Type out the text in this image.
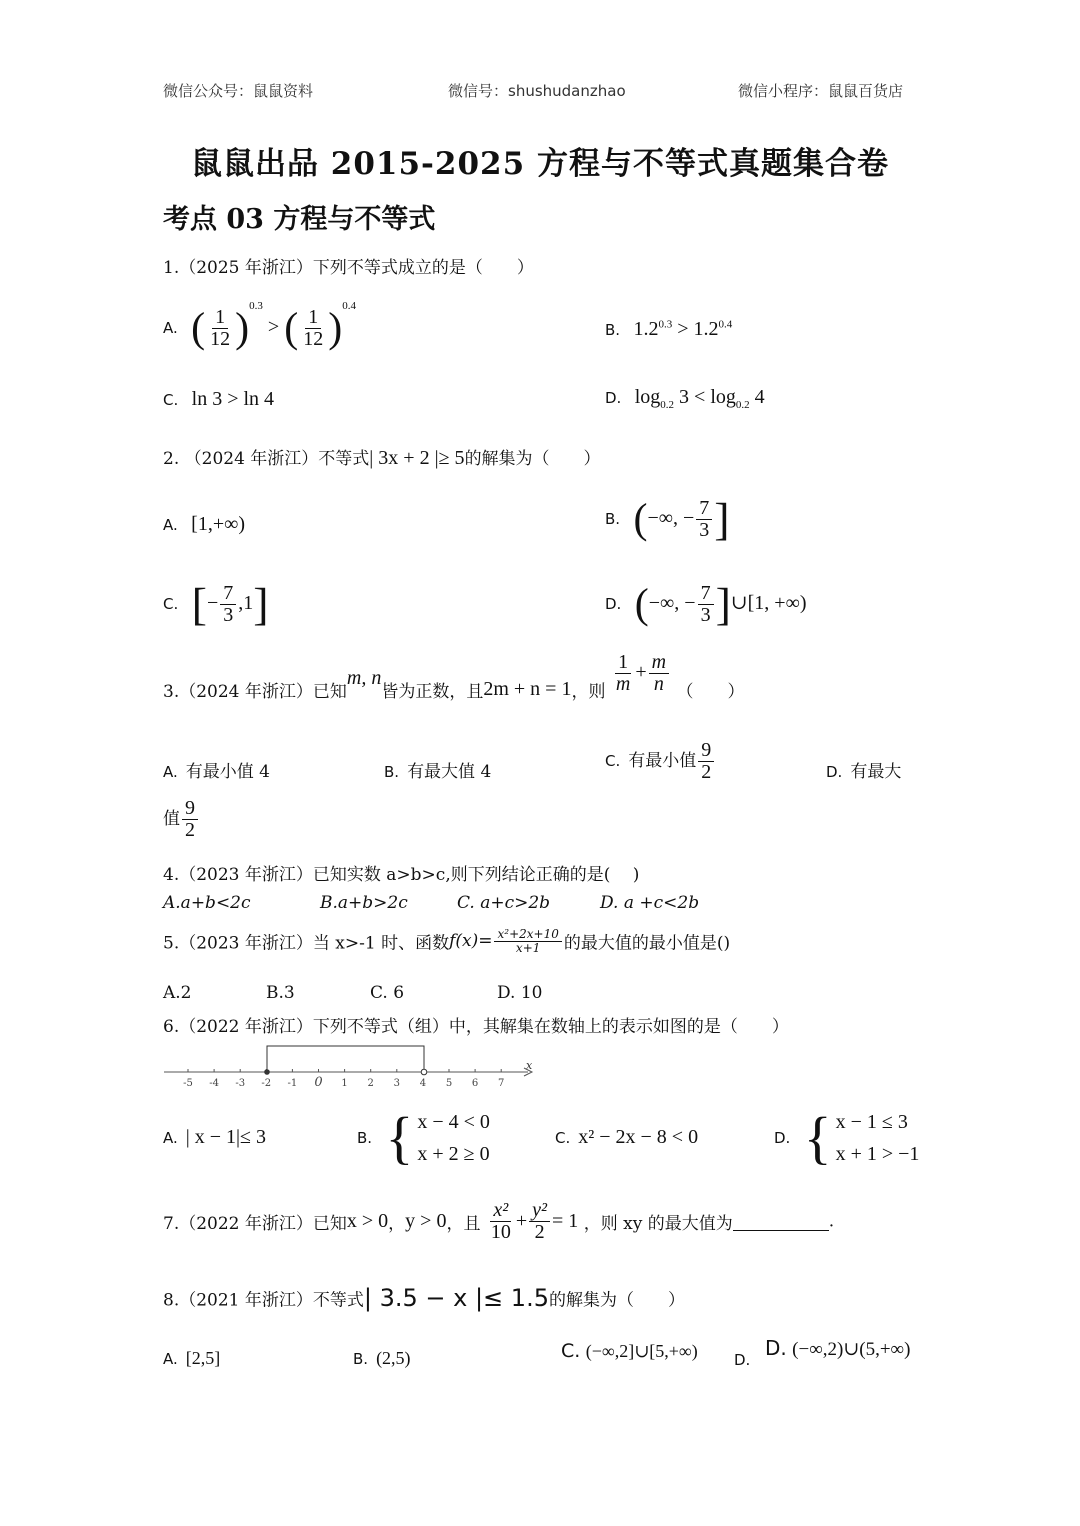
微信公众号：鼠鼠资料	微信号：shushudanzhao	微信小程序：鼠鼠百货店
鼠鼠出品 2015-2025 方程与不等式真题集合卷
考点 03 方程与不等式
1.（2025 年浙江）下列不等式成立的是（　　）
A. ( $\frac{1}{12} )^{0.3}$ > ( $\frac{1}{12} )^{0.4}$
B. $1.2^{0.3} > 1.2^{0.4}$
C. ln 3 > ln 4	D. $\log_{0.2} 3 < \log_{0.2} 4$
2. （2024 年浙江）不等式| 3x + 2 |≥ 5的解集为（　　）
A. [1,+∞)	B. (−∞, − $\frac{7}{3}$ ]
C. [− $\frac{7}{3} ,1$]	D. (−∞, − $\frac{7}{3}$ ]∪[1, +∞)
3.（2024 年浙江）已知m, n皆为正数，且2m + n = 1，则 $\frac{1}{m} + \frac{m}{n}$ （　　）
A. 有最小值 4	B. 有最大值 4
C. 有最小值 $\frac{9}{2}$	D. 有最大
值 $\frac{9}{2}$
4.（2023 年浙江）已知实数 a>b>c,则下列结论正确的是(　 )
A.a+b<2c	B.a+b>2c	C. a+c>2b	D. a +c<2b
5.（2023 年浙江）当 x>-1 时、函数$f(x)= \frac{\text{x²+2x+10}}{x+1}$ 的最大值的最小值是()
A.2	B.3	C. 6	D. 10
6.（2022 年浙江）下列不等式（组）中，其解集在数轴上的表示如图的是（　　）
x
-5 -4 -3 -2 -1 0 1 2 3 4 5 6 7
A. | x − 1|≤ 3	B. { x − 4 < 0
x + 2 ≥ 0
C. x² − 2x − 8 < 0	D. { x − 1 ≤ 3
x + 1 > −1
7.（2022 年浙江）已知x > 0，y > 0，且 $\frac{\text{x²}}{10} + \frac{\text{y²}}{2} = 1$ ，则 xy 的最大值为	.
8.（2021 年浙江）不等式| 3.5 − x |≤ 1.5的解集为（　　）
A. [2,5]	B. (2,5)	C. (−∞,2]∪[5,+∞) D. D. (−∞,2)∪(5,+∞)
